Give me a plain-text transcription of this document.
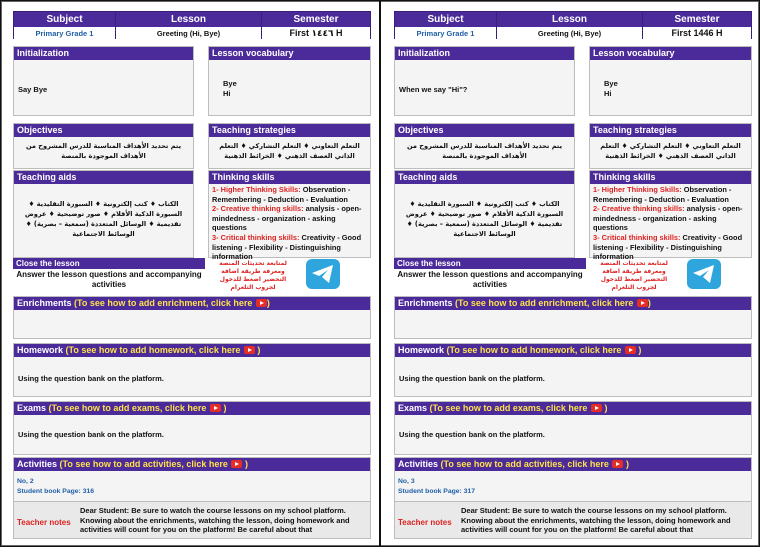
Subject	Lesson	Semester
Primary Grade 1	Greeting (Hi, Bye)	First ١٤٤٦ H
Initialization
Say Bye
Lesson vocabulary
Bye
Hi
Objectives
يتم تحديد الأهداف المناسبة للدرس المشروح من الأهداف الموجودة بالمنصة
Teaching strategies
التعلم التعاوني ♦ التعلم التشاركي ♦ التعلم الذاتي العصف الذهني ♦ الخرائط الذهنية
Teaching aids
الكتاب ♦ كتب إلكترونية ♦ السبورة التقليدية ♦ السبورة الذكية الأقلام ♦ صور توضيحية ♦ عروض تقديمية ♦ الوسائل المتعددة (سمعية – بصرية) ♦ الوسائط الاجتماعية
Thinking skills
1- Higher Thinking Skills: Observation - Remembering - Deduction - Evaluation
2- Creative thinking skills: analysis - open-mindedness - organization - asking questions
3- Critical thinking skills: Creativity - Good listening - Flexibility - Distinguishing information
Close the lesson
Answer the lesson questions and accompanying activities
لمتابعة تحديثات المنصة ومعرفة طريقة اضافة التحضير اضغط للدخول لجروب التلغرام
Enrichments (To see how to add enrichment, click here )
Homework (To see how to add homework, click here  )
Using the question bank on the platform.
Exams (To see how to add exams, click here  )
Using the question bank on the platform.
Activities (To see how to add activities, click here  )
No, 2
Student book Page: 316
Teacher notes
Dear Student: Be sure to watch the course lessons on my school platform. Knowing about the enrichments, watching the lesson, doing homework and activities will count for you on the platform! Be careful about that
Subject	Lesson	Semester
Primary Grade 1	Greeting (Hi, Bye)	First 1446 H
Initialization
When we say "Hi"?
Lesson vocabulary
Bye
Hi
Objectives
يتم تحديد الأهداف المناسبة للدرس المشروح من الأهداف الموجودة بالمنصة
Teaching strategies
التعلم التعاوني ♦ التعلم التشاركي ♦ التعلم الذاتي العصف الذهني ♦ الخرائط الذهنية
Teaching aids
الكتاب ♦ كتب إلكترونية ♦ السبورة التقليدية ♦ السبورة الذكية الأقلام ♦ صور توضيحية ♦ عروض تقديمية ♦ الوسائل المتعددة (سمعية – بصرية) ♦ الوسائط الاجتماعية
Thinking skills
1- Higher Thinking Skills: Observation - Remembering - Deduction - Evaluation
2- Creative thinking skills: analysis - open-mindedness - organization - asking questions
3- Critical thinking skills: Creativity - Good listening - Flexibility - Distinguishing information
Close the lesson
Answer the lesson questions and accompanying activities
لمتابعة تحديثات المنصة ومعرفة طريقة اضافة التحضير اضغط للدخول لجروب التلغرام
Enrichments (To see how to add enrichment, click here )
Homework (To see how to add homework, click here  )
Using the question bank on the platform.
Exams (To see how to add exams, click here  )
Using the question bank on the platform.
Activities (To see how to add activities, click here  )
No, 3
Student book Page: 317
Teacher notes
Dear Student: Be sure to watch the course lessons on my school platform. Knowing about the enrichments, watching the lesson, doing homework and activities will count for you on the platform! Be careful about that
